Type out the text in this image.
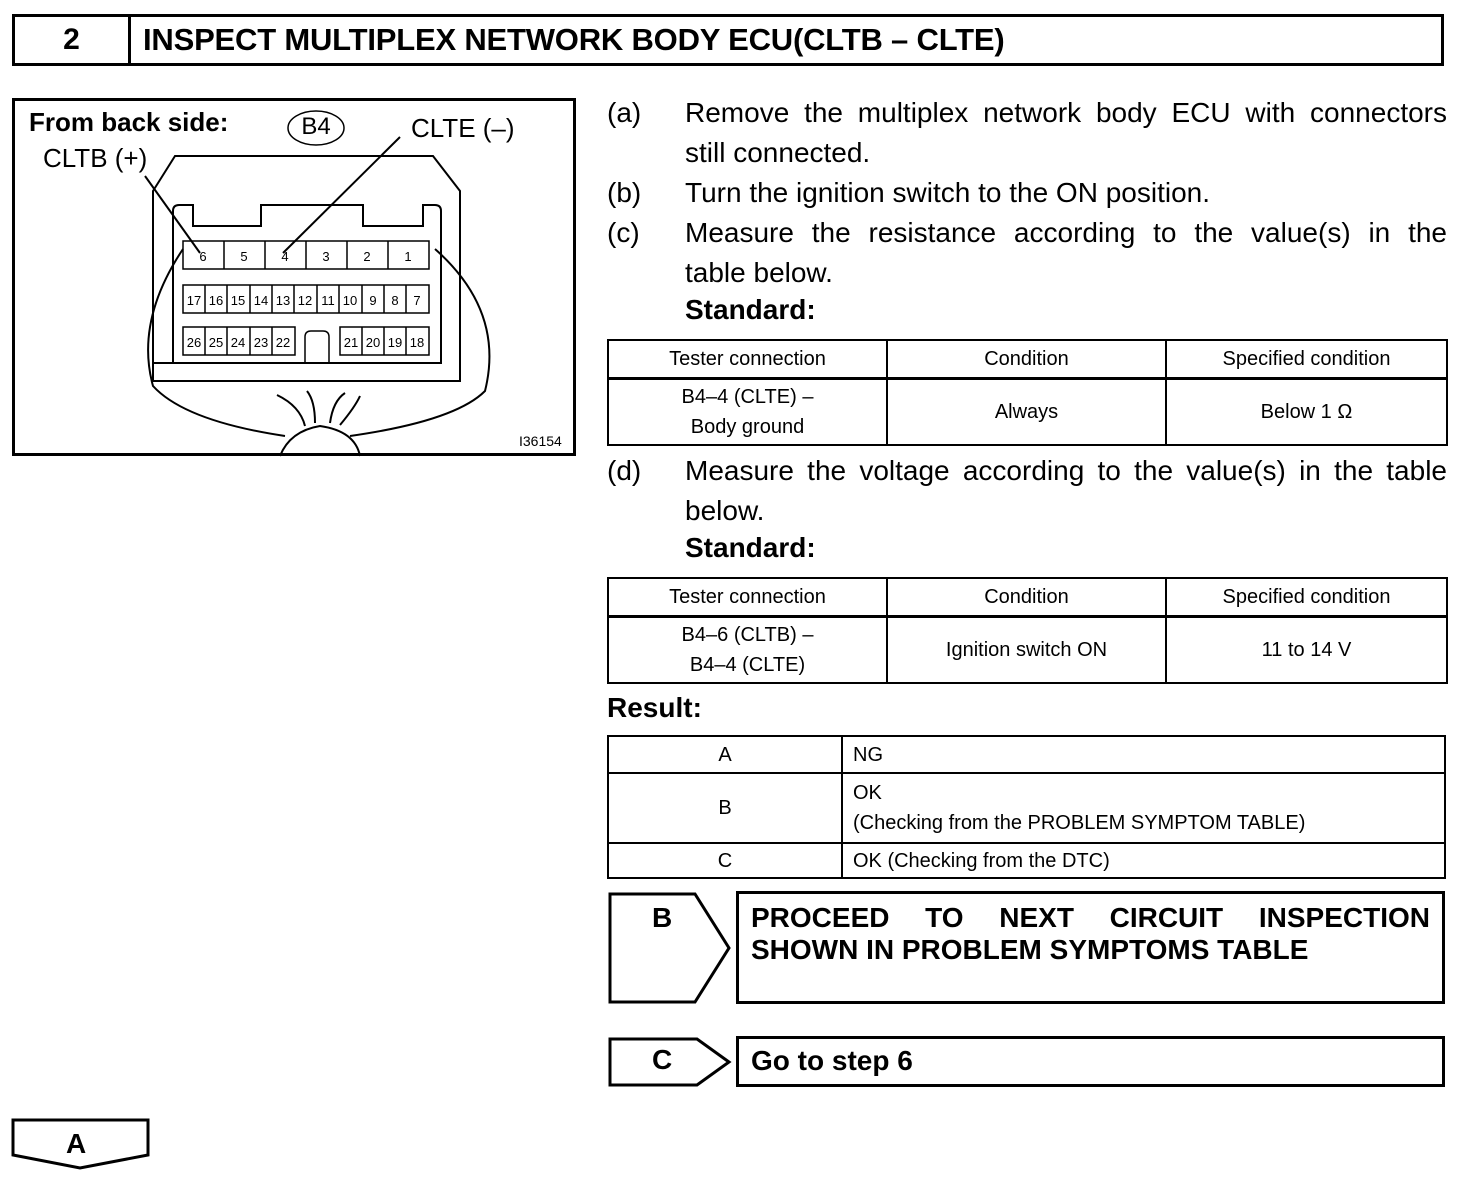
2	INSPECT MULTIPLEX NETWORK BODY ECU(CLTB – CLTE)
6	5	4	3	2	1
17 16 15 14 13 12 11 10 9 8 7
26 25 24 23 22	21 20 19 18
From back side:	B4	CLTE (–)
CLTB (+)
I36154
(a) Remove the multiplex network body ECU with connectors
still connected.
(b) Turn the ignition switch to the ON position.
(c) Measure the resistance according to the value(s) in the
table below.
Standard:
Tester connection	Condition	Specified condition

B4–4 (CLTE) –
Body ground	Always	Below 1 Ω
(d) Measure the voltage according to the value(s) in the table
below.
Standard:
Tester connection	Condition	Specified condition

B4–6 (CLTB) –
B4–4 (CLTE)	Ignition switch ON	11 to 14 V
Result:
A	NG
B	OK
(Checking from the PROBLEM SYMPTOM TABLE)

C	OK (Checking from the DTC)
B	PROCEED TO NEXT CIRCUIT INSPECTION
SHOWN IN PROBLEM SYMPTOMS TABLE
C	Go to step 6
A
